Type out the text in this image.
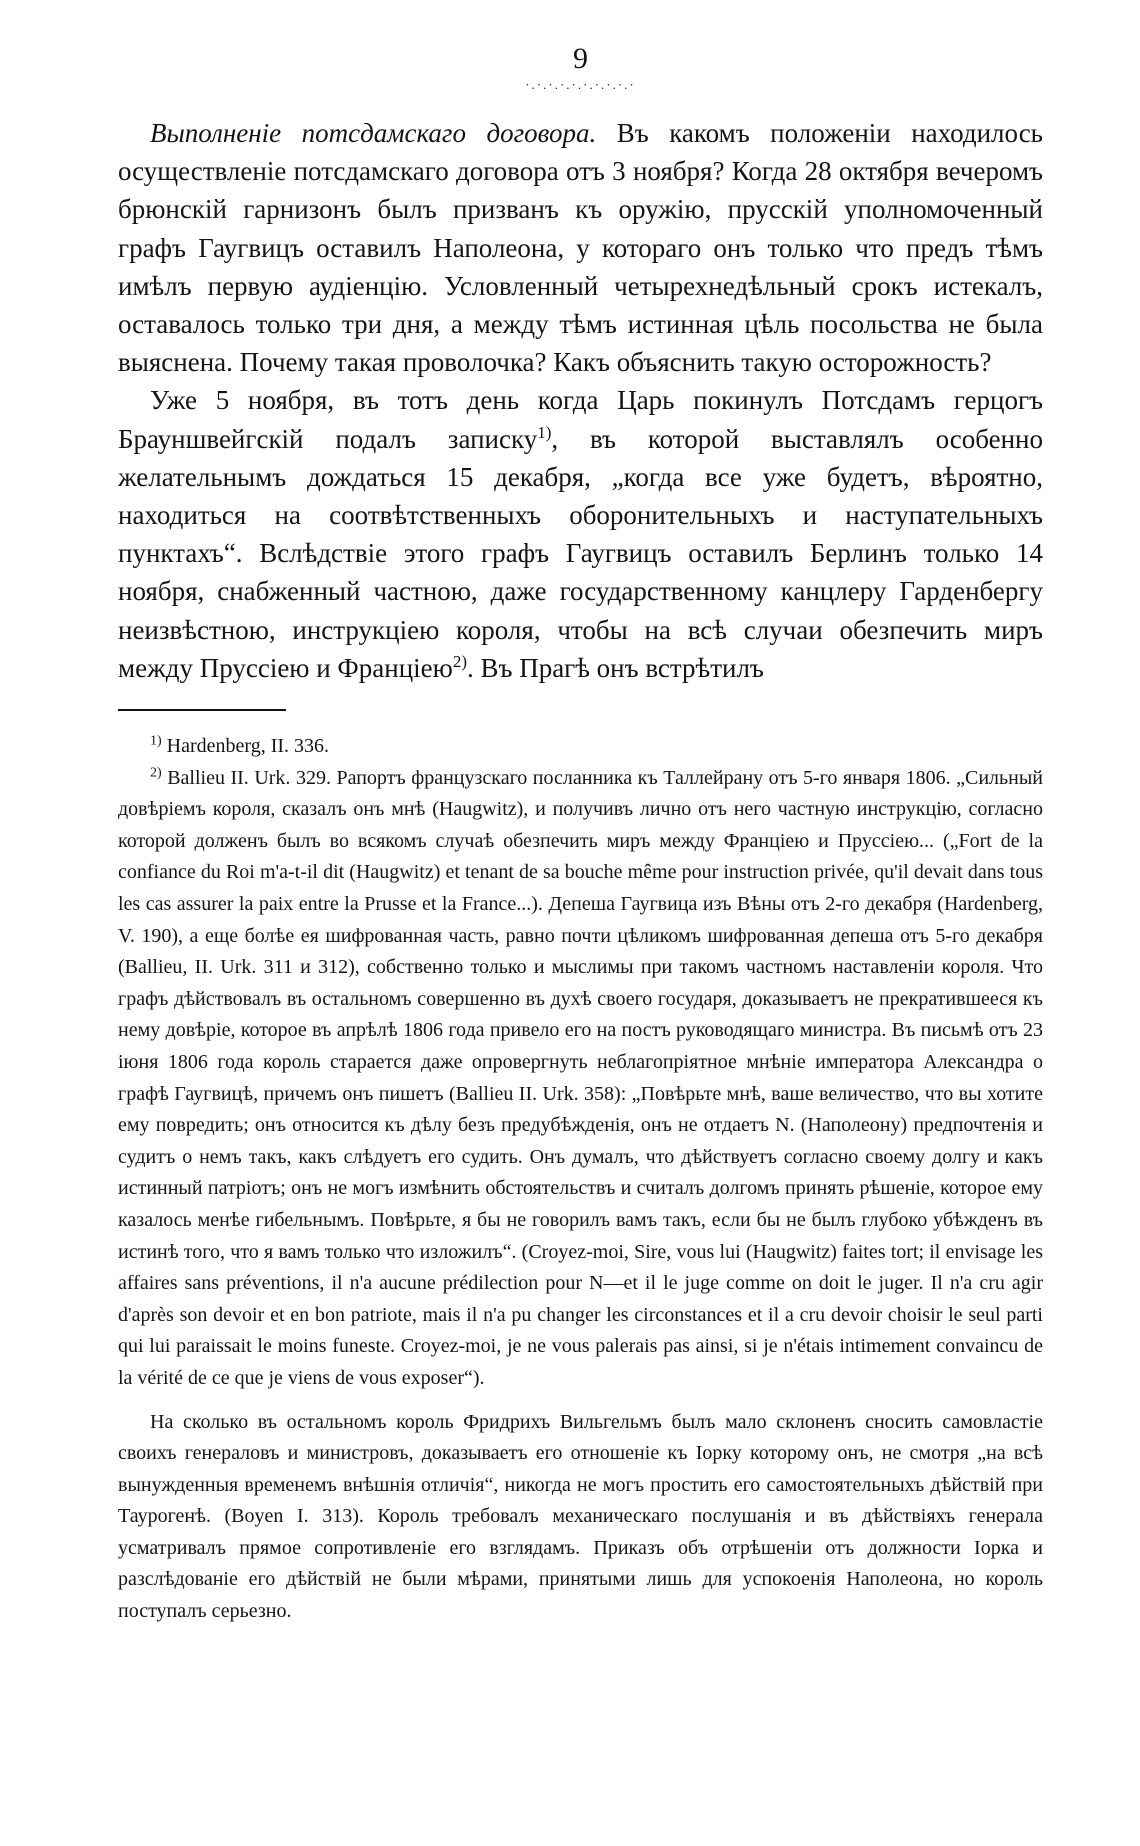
9
·.·.·.·.·.·.·.·.·.·

Выполненіе потсдамскаго договора. Въ какомъ положеніи находилось осуществленіе потсдамскаго договора отъ 3 ноября? Когда 28 октября вечеромъ брюнскій гарнизонъ былъ призванъ къ оружію, прусскій уполномоченный графъ Гаугвицъ оставилъ Наполеона, у котораго онъ только что предъ тѣмъ имѣлъ первую аудіенцію. Условленный четырехнедѣльный срокъ истекалъ, оставалось только три дня, а между тѣмъ истинная цѣль посольства не была выяснена. Почему такая проволочка? Какъ объяснить такую осторожность?

Уже 5 ноября, въ тотъ день когда Царь покинулъ Потсдамъ герцогъ Брауншвейгскій подалъ записку$^{1)}$, въ которой выставлялъ особенно желательнымъ дождаться 15 декабря, „когда все уже будетъ, вѣроятно, находиться на соотвѣтственныхъ оборонительныхъ и наступательныхъ пунктахъ“. Вслѣдствіе этого графъ Гаугвицъ оставилъ Берлинъ только 14 ноября, снабженный частною, даже государственному канцлеру Гарденбергу неизвѣстною, инструкціею короля, чтобы на всѣ случаи обезпечить миръ между Пруссіею и Франціею$^{2)}$. Въ Прагѣ онъ встрѣтилъ

$^{1)}$ Hardenberg, II. 336.

$^{2)}$ Ballieu II. Urk. 329. Рапортъ французскаго посланника къ Таллейрану отъ 5-го января 1806. „Сильный довѣріемъ короля, сказалъ онъ мнѣ (Haugwitz), и получивъ лично отъ него частную инструкцію, согласно которой долженъ былъ во всякомъ случаѣ обезпечить миръ между Франціею и Пруссіею... („Fort de la confiance du Roi m'a-t-il dit (Haugwitz) et tenant de sa bouche même pour instruction privée, qu'il devait dans tous les cas assurer la paix entre la Prusse et la France...). Депеша Гаугвица изъ Вѣны отъ 2-го декабря (Hardenberg, V. 190), а еще болѣе ея шифрованная часть, равно почти цѣликомъ шифрованная депеша отъ 5-го декабря (Ballieu, II. Urk. 311 и 312), собственно только и мыслимы при такомъ частномъ наставленіи короля. Что графъ дѣйствовалъ въ остальномъ совершенно въ духѣ своего государя, доказываетъ не прекратившееся къ нему довѣріе, которое въ апрѣлѣ 1806 года привело его на постъ руководящаго министра. Въ письмѣ отъ 23 іюня 1806 года король старается даже опровергнуть неблагопріятное мнѣніе императора Александра о графѣ Гаугвицѣ, причемъ онъ пишетъ (Ballieu II. Urk. 358): „Повѣрьте мнѣ, ваше величество, что вы хотите ему повредить; онъ относится къ дѣлу безъ предубѣжденія, онъ не отдаетъ N. (Наполеону) предпочтенія и судитъ о немъ такъ, какъ слѣдуетъ его судить. Онъ думалъ, что дѣйствуетъ согласно своему долгу и какъ истинный патріотъ; онъ не могъ измѣнить обстоятельствъ и считалъ долгомъ принять рѣшеніе, которое ему казалось менѣе гибельнымъ. Повѣрьте, я бы не говорилъ вамъ такъ, если бы не былъ глубоко убѣжденъ въ истинѣ того, что я вамъ только что изложилъ“. (Croyez-moi, Sire, vous lui (Haugwitz) faites tort; il envisage les affaires sans préventions, il n'a aucune prédilection pour N—et il le juge comme on doit le juger. Il n'a cru agir d'après son devoir et en bon patriote, mais il n'a pu changer les circonstances et il a cru devoir choisir le seul parti qui lui paraissait le moins funeste. Croyez-moi, je ne vous palerais pas ainsi, si je n'étais intimement convaincu de la vérité de ce que je viens de vous exposer“).

На сколько въ остальномъ король Фридрихъ Вильгельмъ былъ мало склоненъ сносить самовластіе своихъ генераловъ и министровъ, доказываетъ его отношеніе къ Іорку которому онъ, не смотря „на всѣ вынужденныя временемъ внѣшнія отличія“, никогда не могъ простить его самостоятельныхъ дѣйствій при Таурогенѣ. (Boyen I. 313). Король требовалъ механическаго послушанія и въ дѣйствіяхъ генерала усматривалъ прямое сопротивленіе его взглядамъ. Приказъ объ отрѣшеніи отъ должности Іорка и разслѣдованіе его дѣйствій не были мѣрами, принятыми лишь для успокоенія Наполеона, но король поступалъ серьезно.
